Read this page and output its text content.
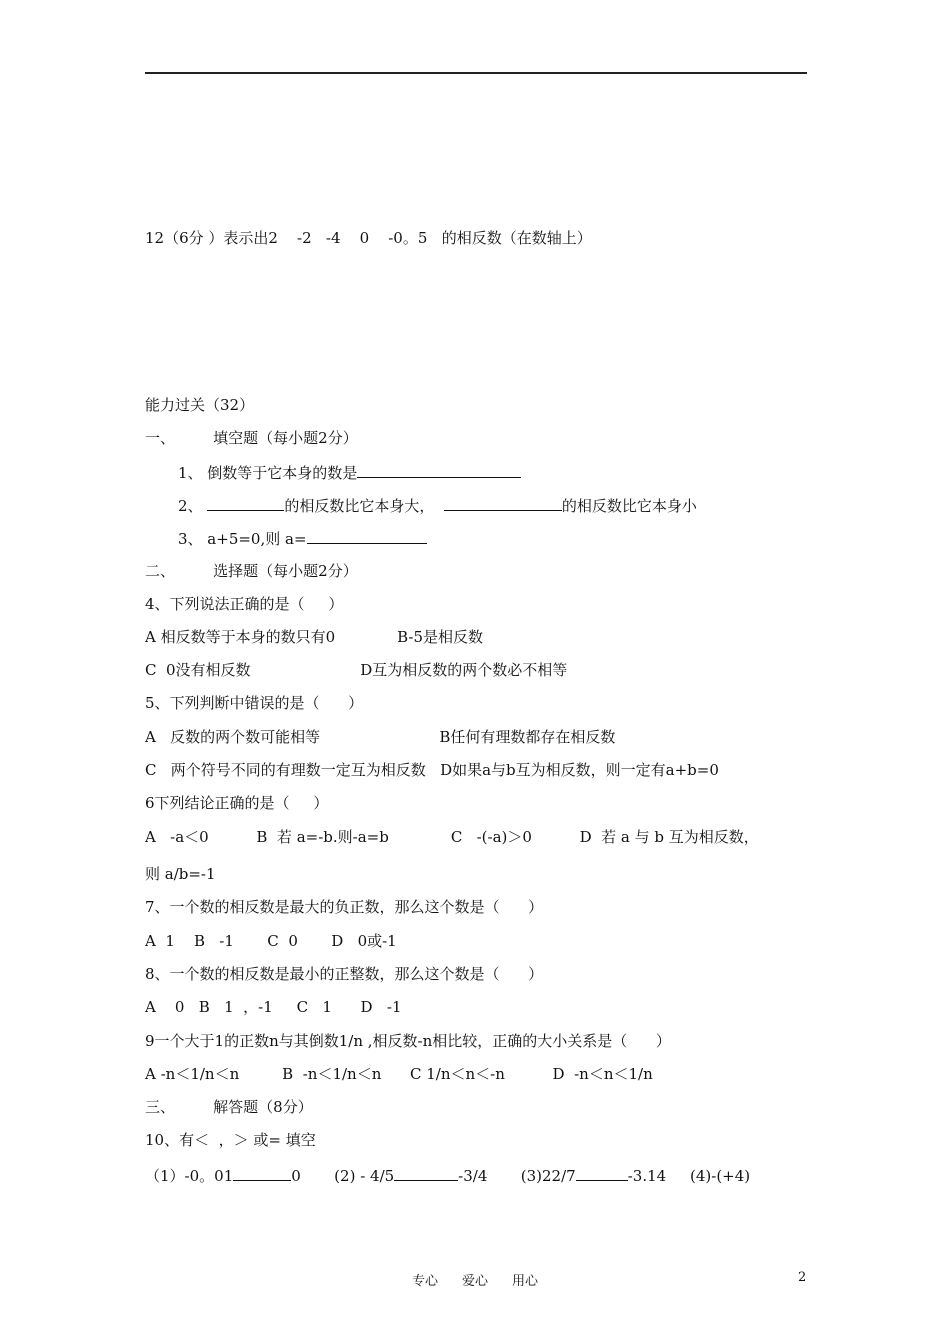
12（6分 ）表示出2    -2   -4    0    -0。5   的相反数（在数轴上）
能力过关（32）
一、        填空题（每小题2分）
1、 倒数等于它本身的数是
2、	的相反数比它本身大，	的相反数比它本身小
3、 a+5=0,则 a=
二、        选择题（每小题2分）
4、下列说法正确的是（     ）
A 相反数等于本身的数只有0             B-5是相反数
C  0没有相反数                       D互为相反数的两个数必不相等
5、下列判断中错误的是（      ）
A   反数的两个数可能相等                         B任何有理数都存在相反数
C   两个符号不同的有理数一定互为相反数   D如果a与b互为相反数，则一定有a+b=0
6下列结论正确的是（     ）
A   -a＜0          B  若 a=-b.则-a=b             C   -(-a)＞0          D  若 a 与 b 互为相反数，
则 a/b=-1
7、一个数的相反数是最大的负正数，那么这个数是（      ）
A  1    B   -1       C  0       D   0或-1
8、一个数的相反数是最小的正整数，那么这个数是（      ）
A    0   B   1  ，-1     C   1      D   -1
9一个大于1的正数n与其倒数1/n ,相反数-n相比较，正确的大小关系是（      ）
A -n＜1/n＜n         B  -n＜1/n＜n      C 1/n＜n＜-n          D  -n＜n＜1/n
三、        解答题（8分）
10、有＜  ，＞ 或= 填空
（1）-0。01	0       (2) - 4/5	-3/4       (3)22/7	-3.14     (4)-(+4)
专心 爱心 用心	2
